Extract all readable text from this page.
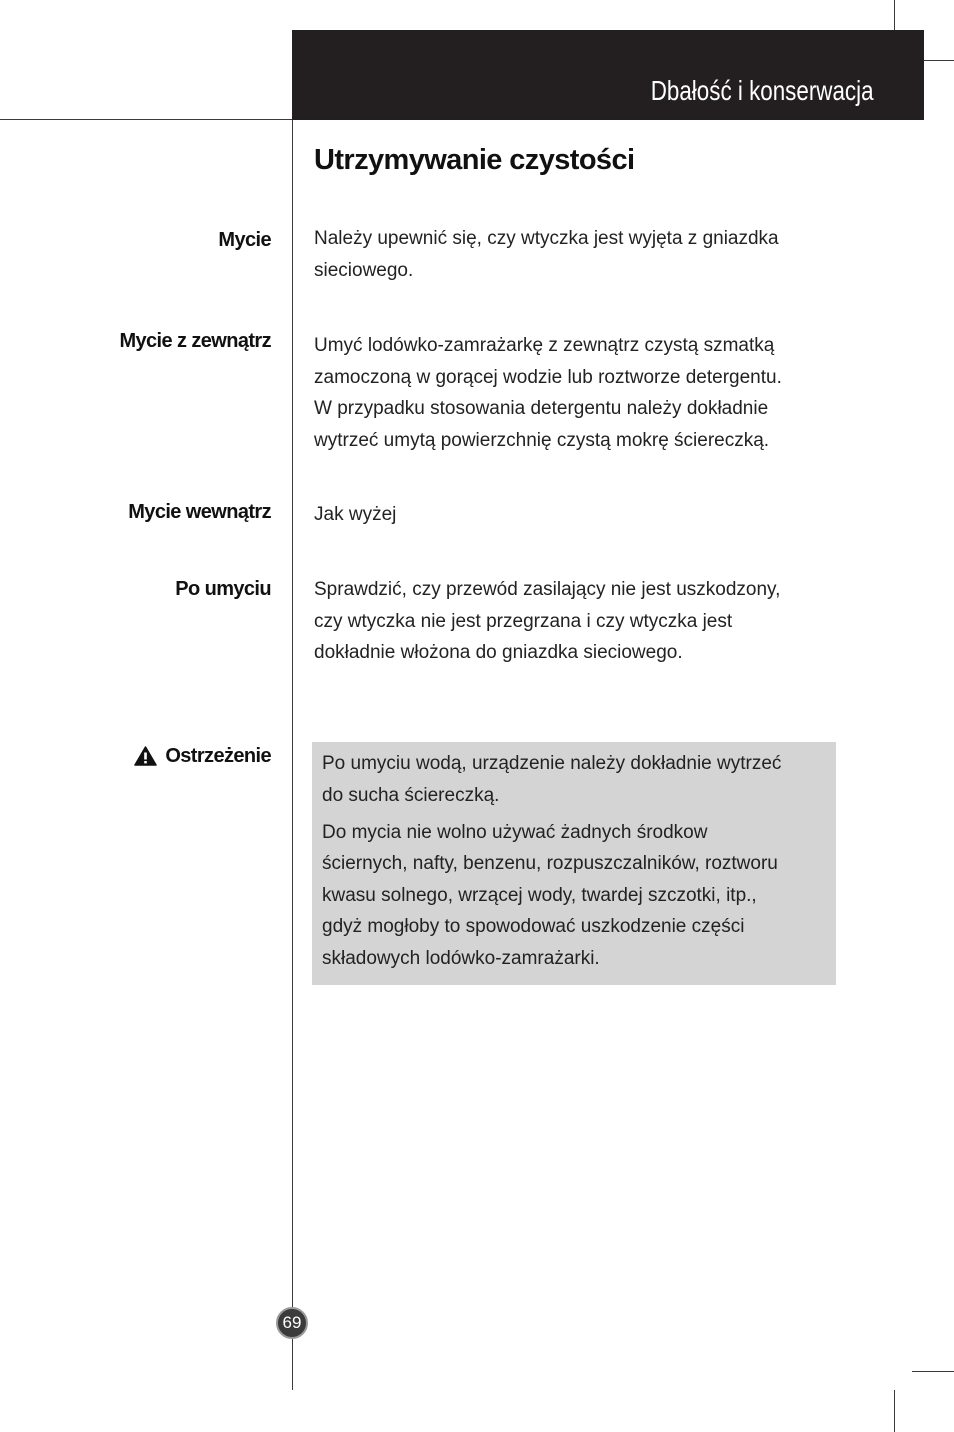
Dbałość i konserwacja
Utrzymywanie czystości
Mycie Należy upewnić się, czy wtyczka jest wyjęta z gniazdka
sieciowego.
Mycie z zewnątrz Umyć lodówko-zamrażarkę z zewnątrz czystą szmatką
zamoczoną w gorącej wodzie lub roztworze detergentu.
W przypadku stosowania detergentu należy dokładnie
wytrzeć umytą powierzchnię czystą mokrę ściereczką.
Mycie wewnątrz Jak wyżej
Po umyciu Sprawdzić, czy przewód zasilający nie jest uszkodzony,
czy wtyczka nie jest przegrzana i czy wtyczka jest
dokładnie włożona do gniazdka sieciowego.
Ostrzeżenie	Po umyciu wodą, urządzenie należy dokładnie wytrzeć
do sucha ściereczką.
Do mycia nie wolno używać żadnych środkow
ściernych, nafty, benzenu, rozpuszczalników, roztworu
kwasu solnego, wrzącej wody, twardej szczotki, itp.,
gdyż mogłoby to spowodować uszkodzenie części
składowych lodówko-zamrażarki.
69
